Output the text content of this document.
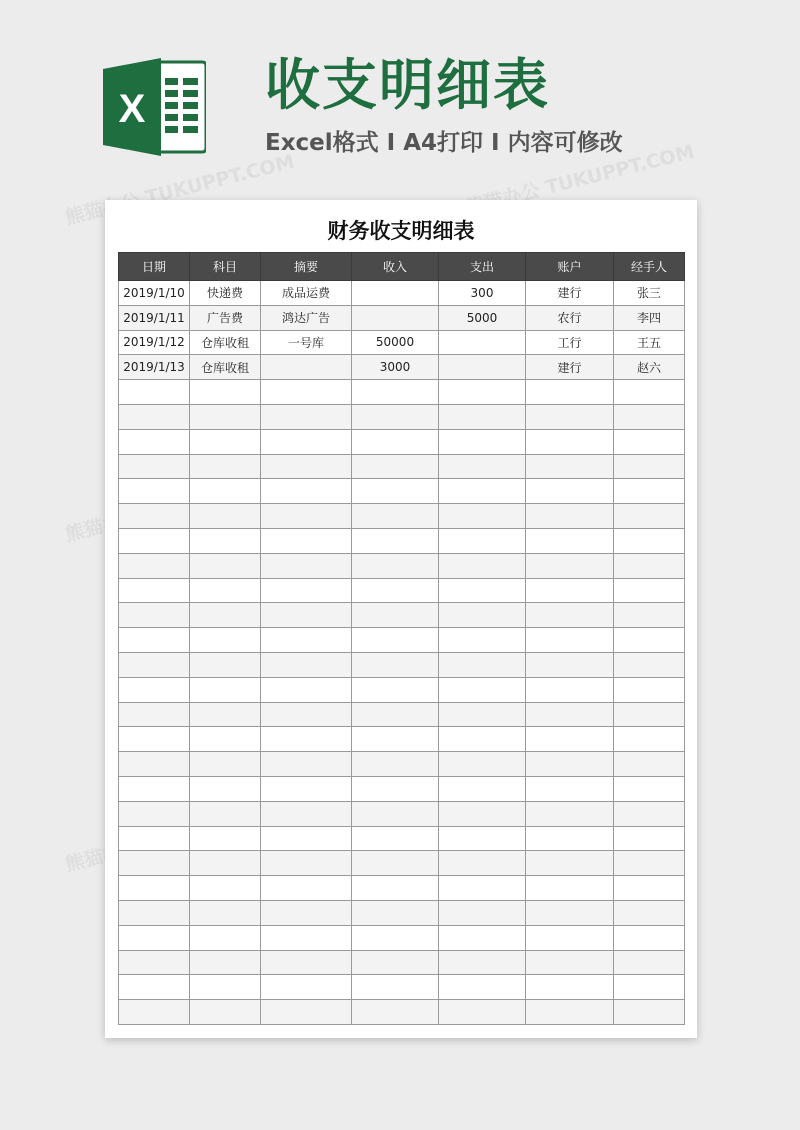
X 收支明细表
Excel格式 I A4打印 I 内容可修改
熊猫办公 TUKUPPT.COM	熊猫办公 TUKUPPT.COM
熊猫办公
熊猫办公
财务收支明细表
日期	科目	摘要	收入	支出	账户	经手人
2019/1/10	快递费	成品运费		300	建行	张三
2019/1/11	广告费	鸿达广告		5000	农行	李四
2019/1/12	仓库收租	一号库	50000		工行	王五
2019/1/13	仓库收租		3000		建行	赵六
